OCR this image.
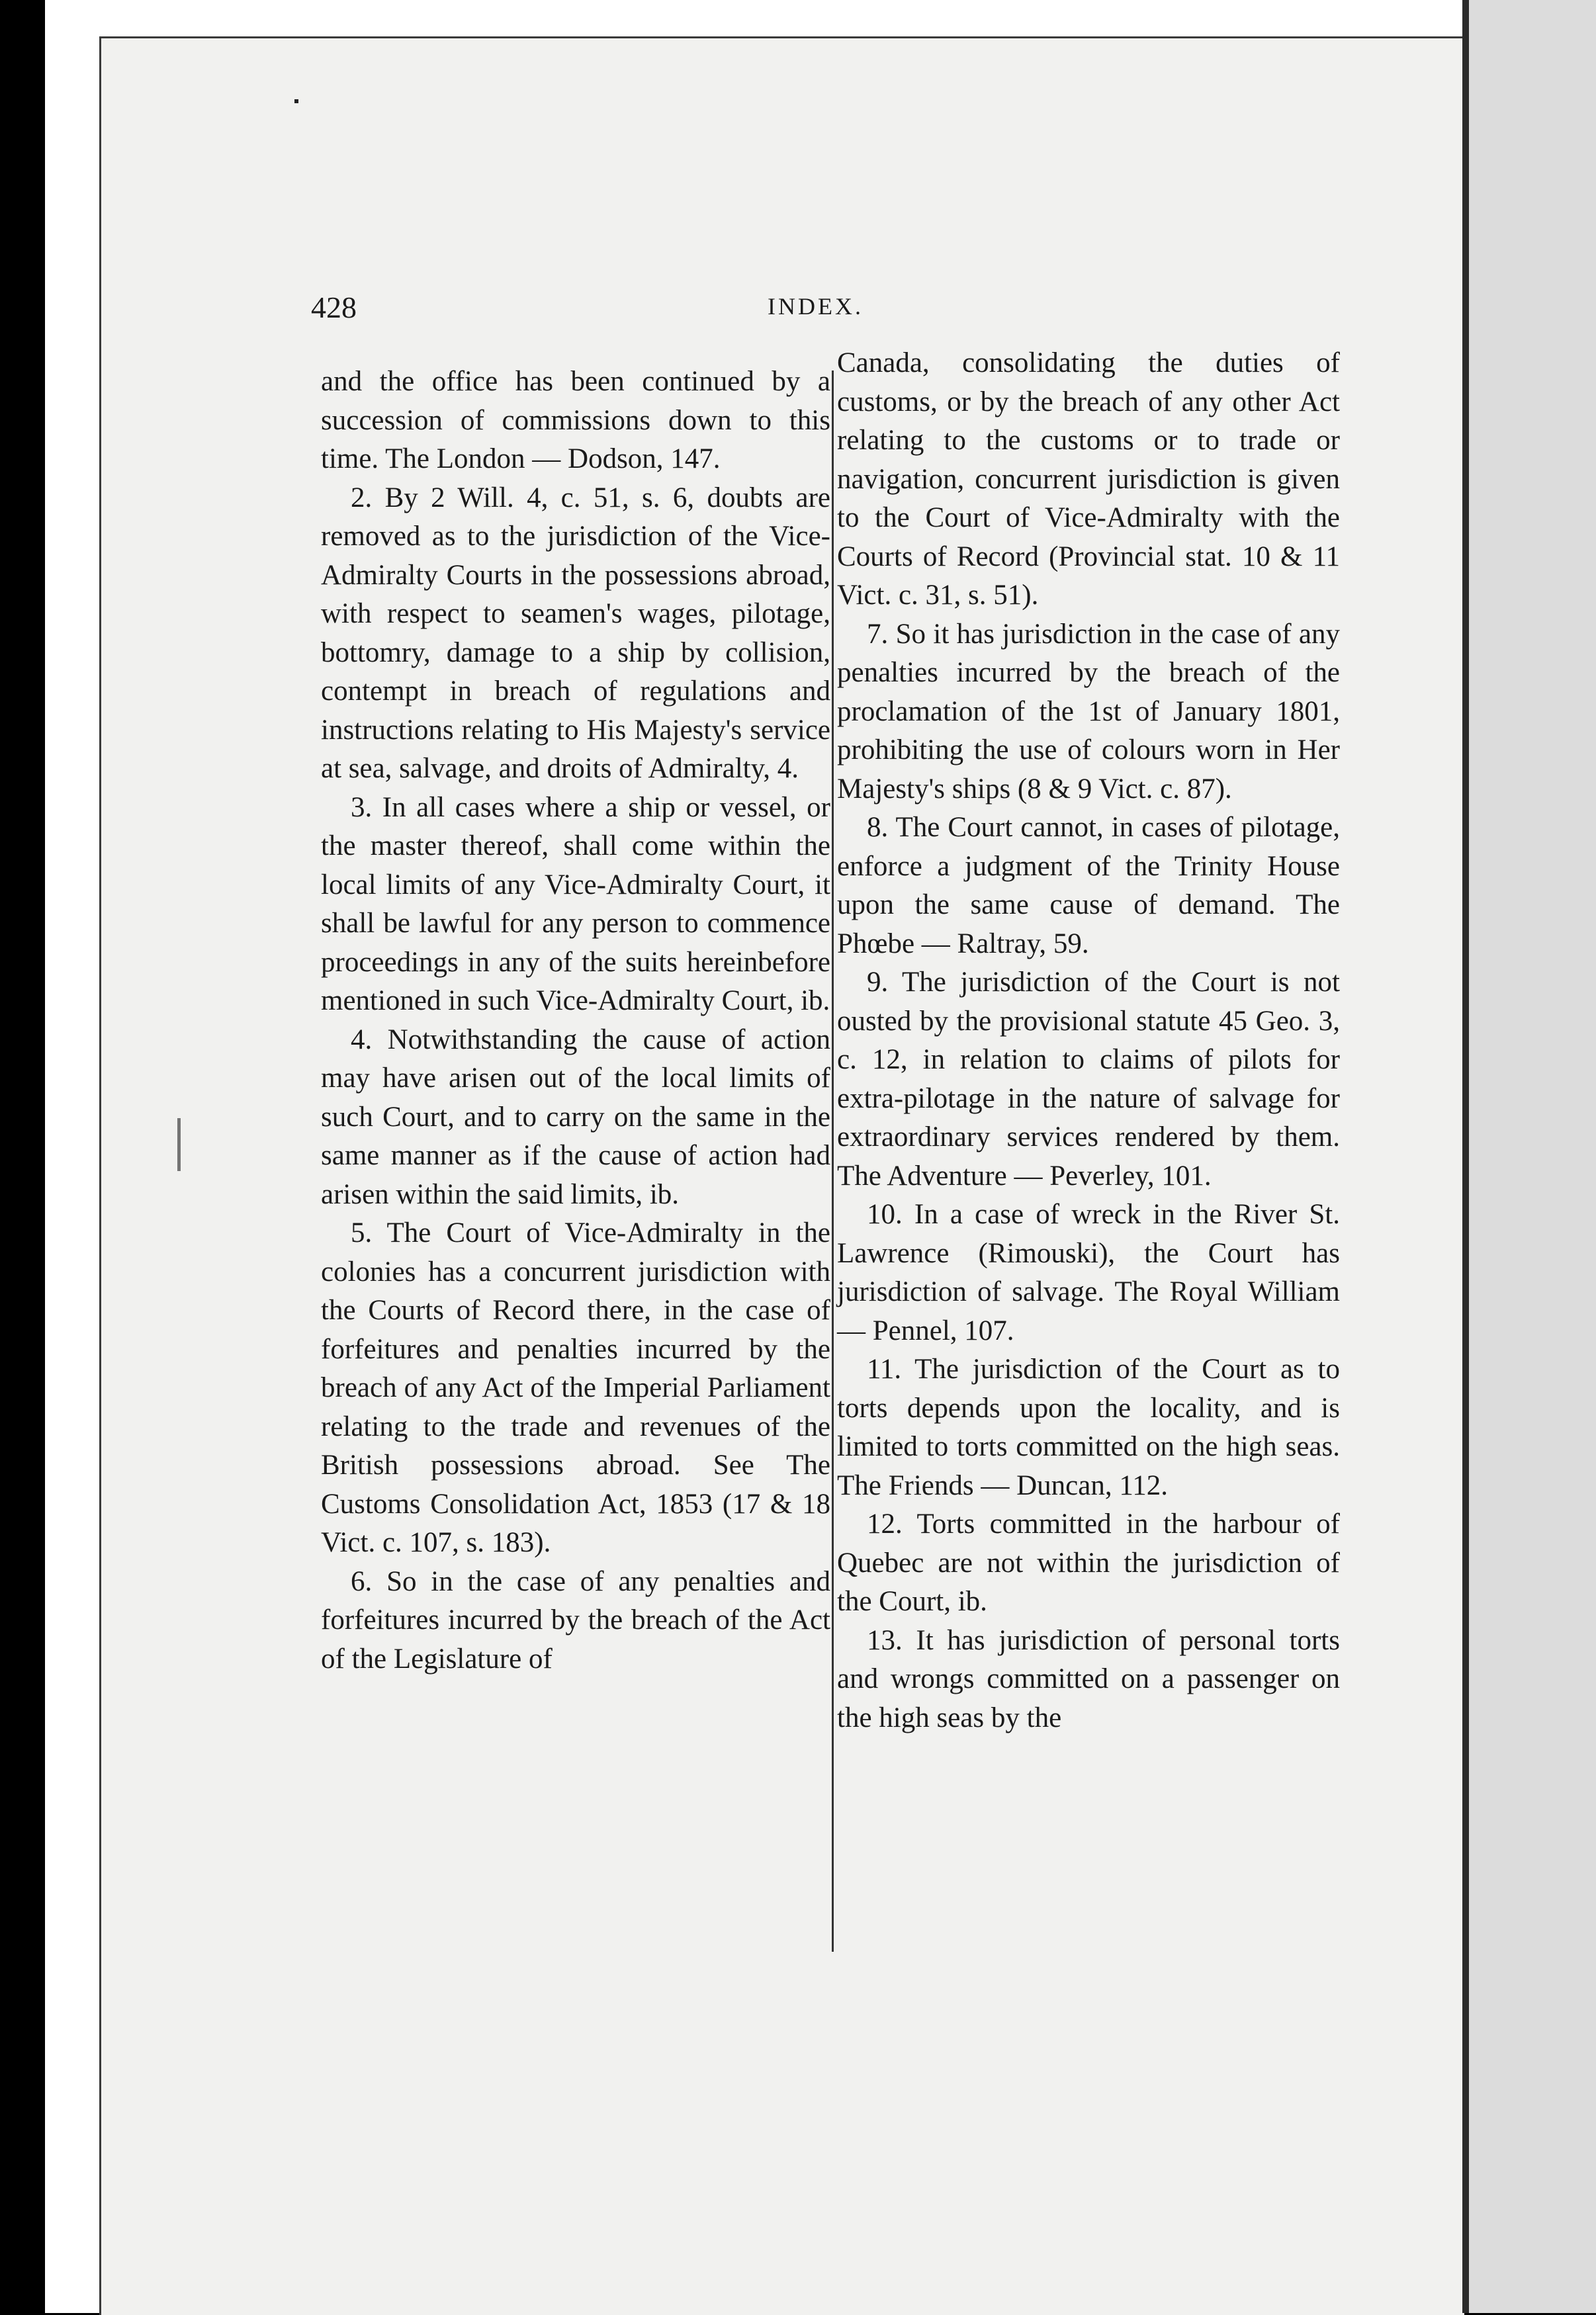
428	INDEX.

and the office has been continued by a succession of commissions down to this time. The London — Dodson, 147.

2. By 2 Will. 4, c. 51, s. 6, doubts are removed as to the jurisdiction of the Vice-Admiralty Courts in the possessions abroad, with respect to seamen's wages, pilotage, bottomry, damage to a ship by collision, contempt in breach of regulations and instructions relating to His Majesty's service at sea, salvage, and droits of Admiralty, 4.

3. In all cases where a ship or vessel, or the master thereof, shall come within the local limits of any Vice-Admiralty Court, it shall be lawful for any person to commence proceedings in any of the suits hereinbefore mentioned in such Vice-Admiralty Court, ib.

4. Notwithstanding the cause of action may have arisen out of the local limits of such Court, and to carry on the same in the same manner as if the cause of action had arisen within the said limits, ib.

5. The Court of Vice-Admiralty in the colonies has a concurrent jurisdiction with the Courts of Record there, in the case of forfeitures and penalties incurred by the breach of any Act of the Imperial Parliament relating to the trade and revenues of the British possessions abroad. See The Customs Consolidation Act, 1853 (17 & 18 Vict. c. 107, s. 183).

6. So in the case of any penalties and forfeitures incurred by the breach of the Act of the Legislature of

Canada, consolidating the duties of customs, or by the breach of any other Act relating to the customs or to trade or navigation, concurrent jurisdiction is given to the Court of Vice-Admiralty with the Courts of Record (Provincial stat. 10 & 11 Vict. c. 31, s. 51).

7. So it has jurisdiction in the case of any penalties incurred by the breach of the proclamation of the 1st of January 1801, prohibiting the use of colours worn in Her Majesty's ships (8 & 9 Vict. c. 87).

8. The Court cannot, in cases of pilotage, enforce a judgment of the Trinity House upon the same cause of demand. The Phœbe — Raltray, 59.

9. The jurisdiction of the Court is not ousted by the provisional statute 45 Geo. 3, c. 12, in relation to claims of pilots for extra-pilotage in the nature of salvage for extraordinary services rendered by them. The Adventure — Peverley, 101.

10. In a case of wreck in the River St. Lawrence (Rimouski), the Court has jurisdiction of salvage. The Royal William — Pennel, 107.

11. The jurisdiction of the Court as to torts depends upon the locality, and is limited to torts committed on the high seas. The Friends — Duncan, 112.

12. Torts committed in the harbour of Quebec are not within the jurisdiction of the Court, ib.

13. It has jurisdiction of personal torts and wrongs committed on a passenger on the high seas by the
